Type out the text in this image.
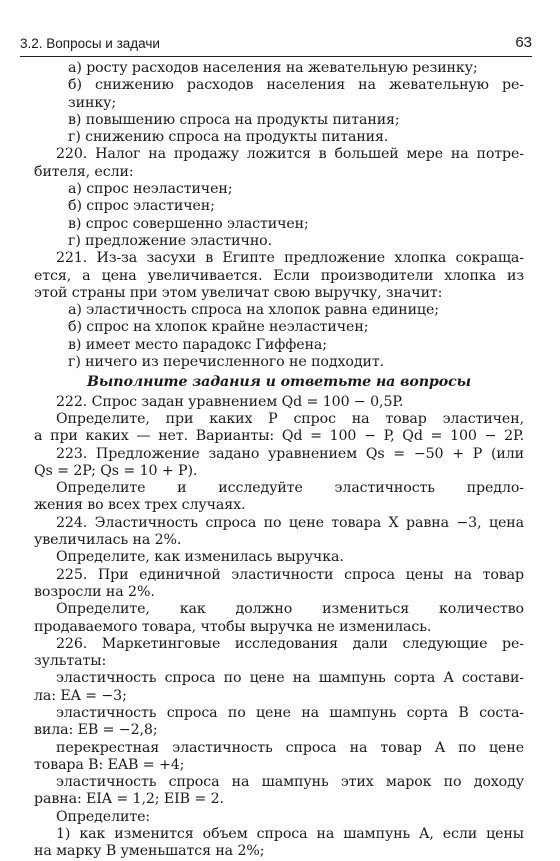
3.2. Вопросы и задачи	63
а) росту расходов населения на жевательную резинку;
б) снижению расходов населения на жевательную ре-
зинку;
в) повышению спроса на продукты питания;
г) снижению спроса на продукты питания.
220. Налог на продажу ложится в большей мере на потре-
бителя, если:
а) спрос неэластичен;
б) спрос эластичен;
в) спрос совершенно эластичен;
г) предложение эластично.
221. Из-за засухи в Египте предложение хлопка сокраща-
ется, а цена увеличивается. Если производители хлопка из
этой страны при этом увеличат свою выручку, значит:
а) эластичность спроса на хлопок равна единице;
б) спрос на хлопок крайне неэластичен;
в) имеет место парадокс Гиффена;
г) ничего из перечисленного не подходит.
Выполните задания и ответьте на вопросы
222. Спрос задан уравнением Qd = 100 − 0,5P.
Определите, при каких P спрос на товар эластичен,
а при каких — нет. Варианты: Qd = 100 − P, Qd = 100 − 2P.
223. Предложение задано уравнением Qs = −50 + P (или
Qs = 2P; Qs = 10 + P).
Определите и исследуйте эластичность предло-
жения во всех трех случаях.
224. Эластичность спроса по цене товара X равна −3, цена
увеличилась на 2%.
Определите, как изменилась выручка.
225. При единичной эластичности спроса цены на товар
возросли на 2%.
Определите, как должно измениться количество
продаваемого товара, чтобы выручка не изменилась.
226. Маркетинговые исследования дали следующие ре-
зультаты:
эластичность спроса по цене на шампунь сорта A состави-
ла: EA = −3;
эластичность спроса по цене на шампунь сорта B соста-
вила: EB = −2,8;
перекрестная эластичность спроса на товар A по цене
товара B: EAB = +4;
эластичность спроса на шампунь этих марок по доходу
равна: EIA = 1,2; EIB = 2.
Определите:
1) как изменится объем спроса на шампунь A, если цены
на марку B уменьшатся на 2%;
